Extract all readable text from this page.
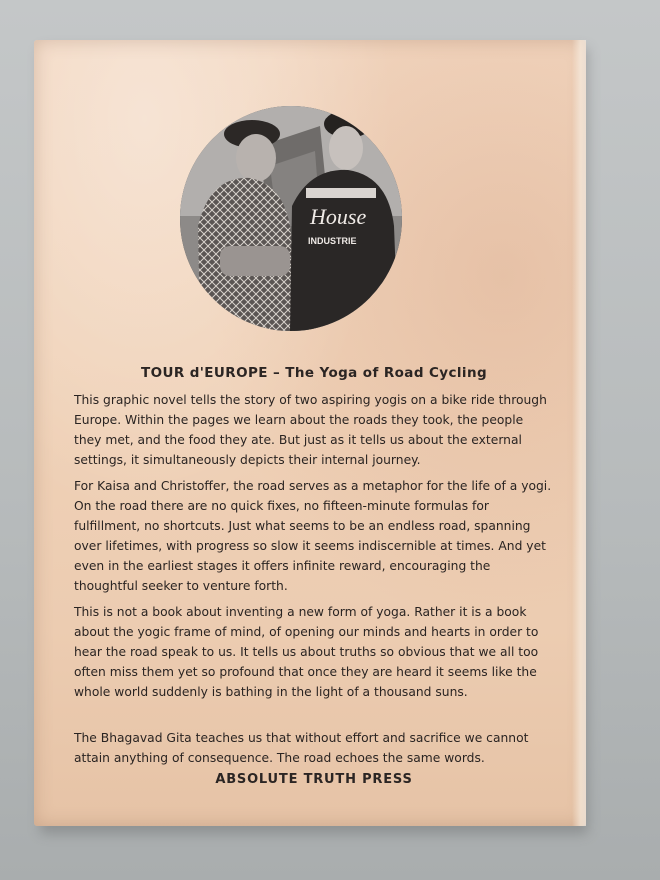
House
INDUSTRIE
TOUR d'EUROPE – The Yoga of Road Cycling

This graphic novel tells the story of two aspiring yogis on a bike ride through Europe. Within the pages we learn about the roads they took, the people they met, and the food they ate. But just as it tells us about the external settings, it simultaneously depicts their internal journey.

For Kaisa and Christoffer, the road serves as a metaphor for the life of a yogi. On the road there are no quick fixes, no fifteen-minute formulas for fulfillment, no shortcuts. Just what seems to be an endless road, spanning over lifetimes, with progress so slow it seems indiscernible at times. And yet even in the earliest stages it offers infinite reward, encouraging the thoughtful seeker to venture forth.

This is not a book about inventing a new form of yoga. Rather it is a book about the yogic frame of mind, of opening our minds and hearts in order to hear the road speak to us. It tells us about truths so obvious that we all too often miss them yet so profound that once they are heard it seems like the whole world suddenly is bathing in the light of a thousand suns.

The Bhagavad Gita teaches us that without effort and sacrifice we cannot attain anything of consequence. The road echoes the same words.

ABSOLUTE TRUTH PRESS
